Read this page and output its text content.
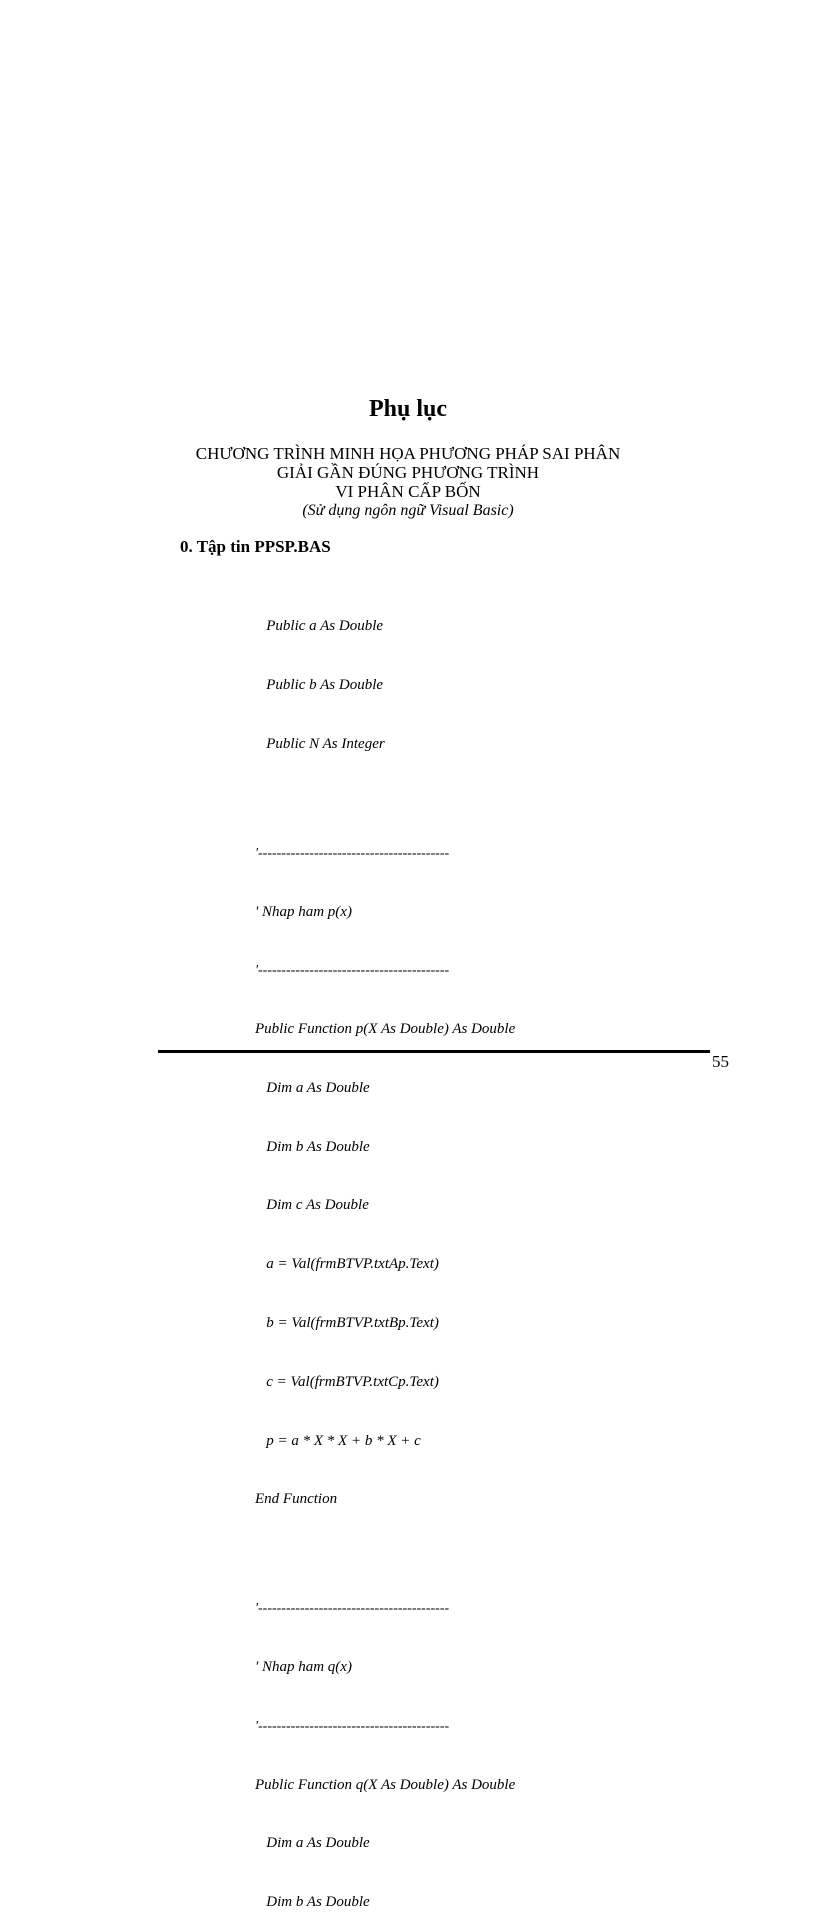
Phụ lục
CHƯƠNG TRÌNH MINH HỌA PHƯƠNG PHÁP SAI PHÂN
GIẢI GẦN ĐÚNG PHƯƠNG TRÌNH
VI PHÂN CẤP BỐN
(Sử dụng ngôn ngữ Visual Basic)
0. Tập tin PPSP.BAS

Public a As Double

Public b As Double

Public N As Integer

'-----------------------------------------

' Nhap ham p(x)

'-----------------------------------------

Public Function p(X As Double) As Double

Dim a As Double

Dim b As Double

Dim c As Double

a = Val(frmBTVP.txtAp.Text)

b = Val(frmBTVP.txtBp.Text)

c = Val(frmBTVP.txtCp.Text)

p = a * X * X + b * X + c

End Function

'-----------------------------------------

' Nhap ham q(x)

'-----------------------------------------

Public Function q(X As Double) As Double

Dim a As Double

Dim b As Double

55
